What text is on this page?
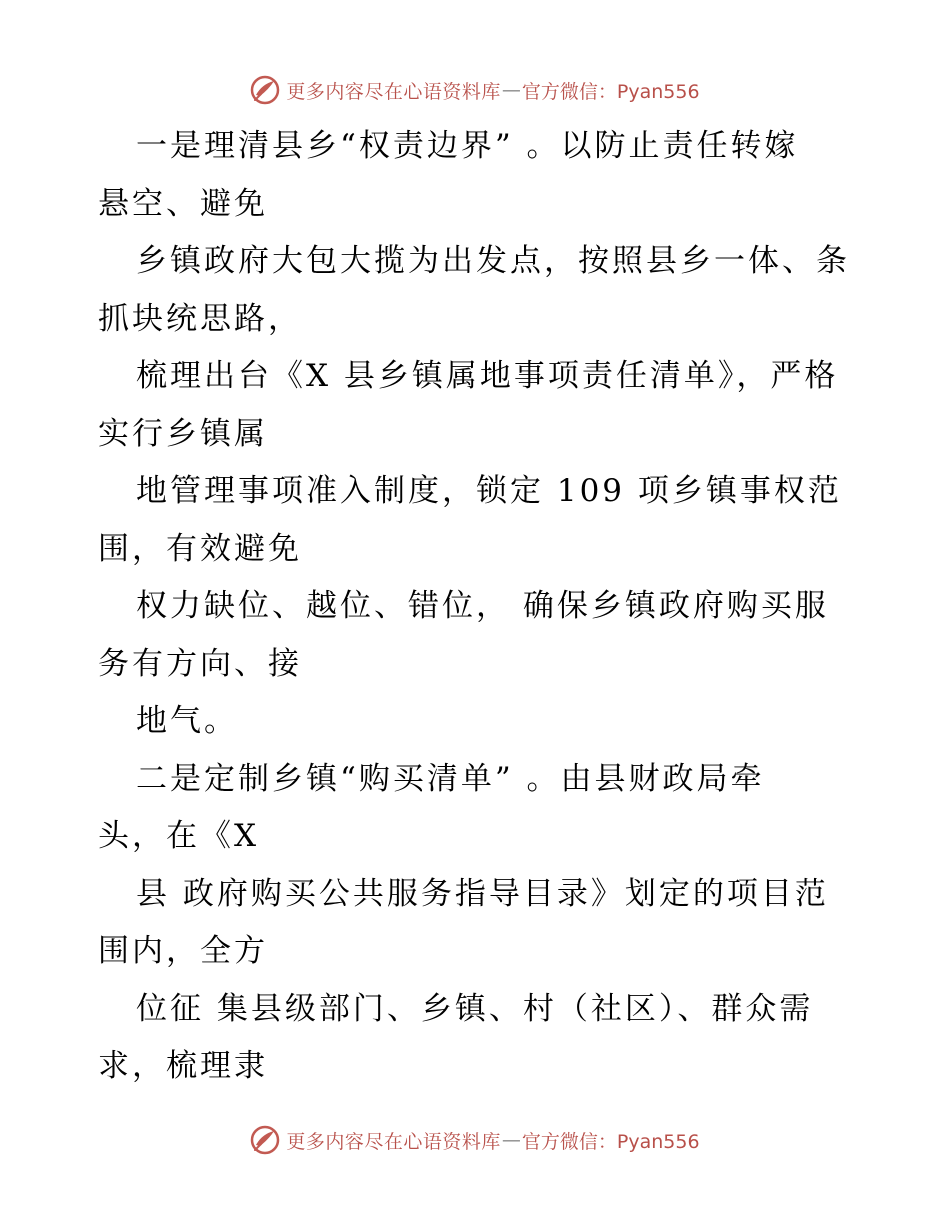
更多内容尽在心语资料库 — 官方微信：Pyan556
一是理清县乡“权责边界” 。以防止责任转嫁
悬空、避免
乡镇政府大包大揽为出发点，按照县乡一体、条
抓块统思路，
梳理出台《X 县乡镇属地事项责任清单》，严格
实行乡镇属
地管理事项准入制度，锁定 109 项乡镇事权范
围，有效避免
权力缺位、越位、错位， 确保乡镇政府购买服
务有方向、接
地气。
二是定制乡镇“购买清单” 。由县财政局牵
头，在《X
县 政府购买公共服务指导目录》划定的项目范
围内，全方
位征 集县级部门、乡镇、村（社区）、群众需
求，梳理隶
更多内容尽在心语资料库 — 官方微信：Pyan556
